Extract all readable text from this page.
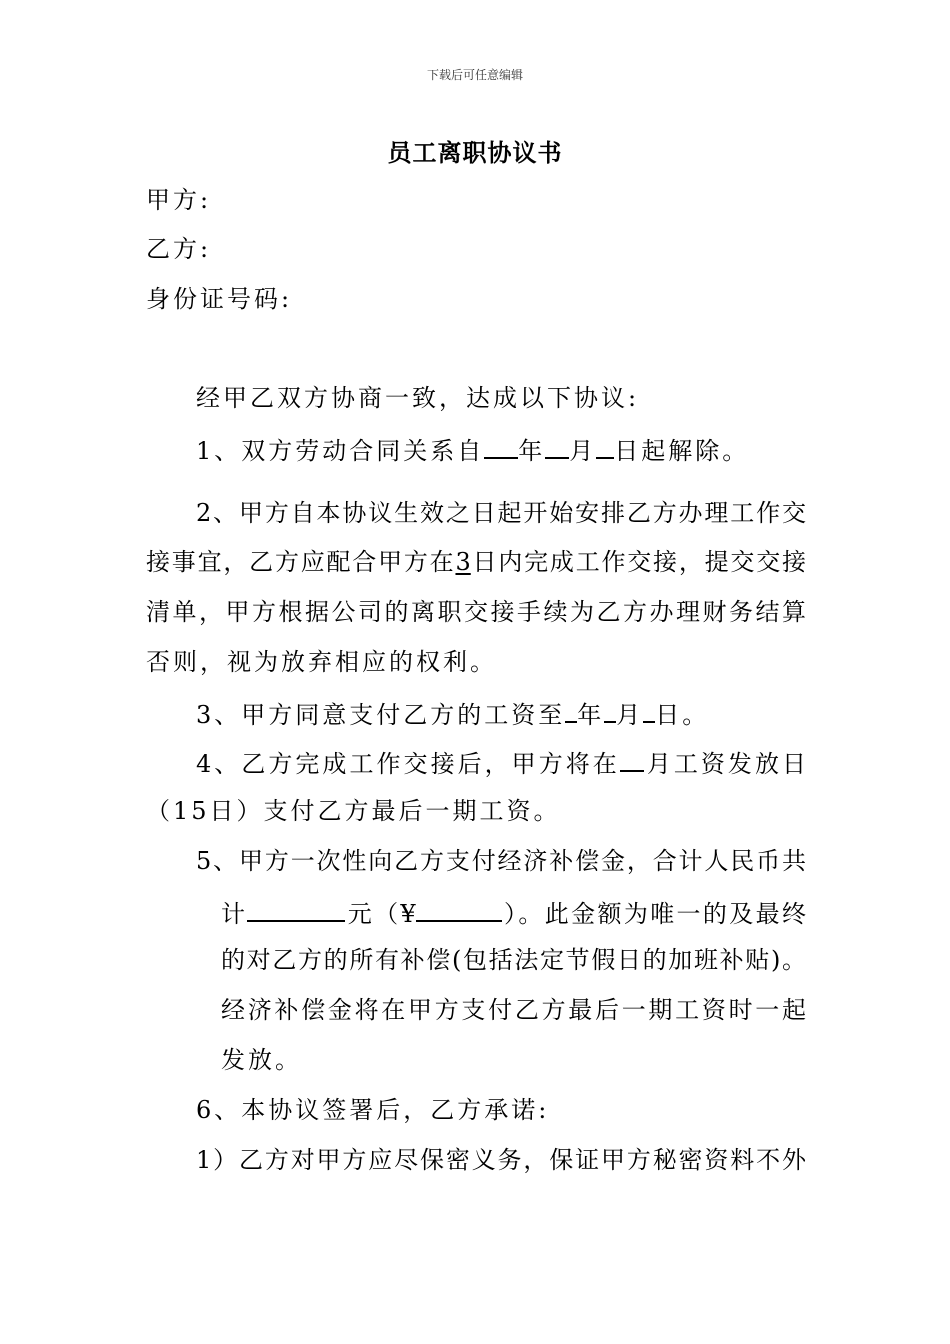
下载后可任意编辑
员工离职协议书
甲方:
乙方:
身份证号码:
经甲乙双方协商一致，达成以下协议:
1、双方劳动合同关系自 年 月 日起解除。
2、甲方自本协议生效之日起开始安排乙方办理工作交
接事宜，乙方应配合甲方在3日内完成工作交接，提交交接
清单，甲方根据公司的离职交接手续为乙方办理财务结算
否则，视为放弃相应的权利。
3、甲方同意支付乙方的工资至 年 月 日。
4、乙方完成工作交接后，甲方将在 月工资发放日
（15日）支付乙方最后一期工资。
5、甲方一次性向乙方支付经济补偿金，合计人民币共
计	元（¥	）。此金额为唯一的及最终
的对乙方的所有补偿(包括法定节假日的加班补贴)。
经济补偿金将在甲方支付乙方最后一期工资时一起
发放。
6、本协议签署后，乙方承诺:
1）乙方对甲方应尽保密义务，保证甲方秘密资料不外
